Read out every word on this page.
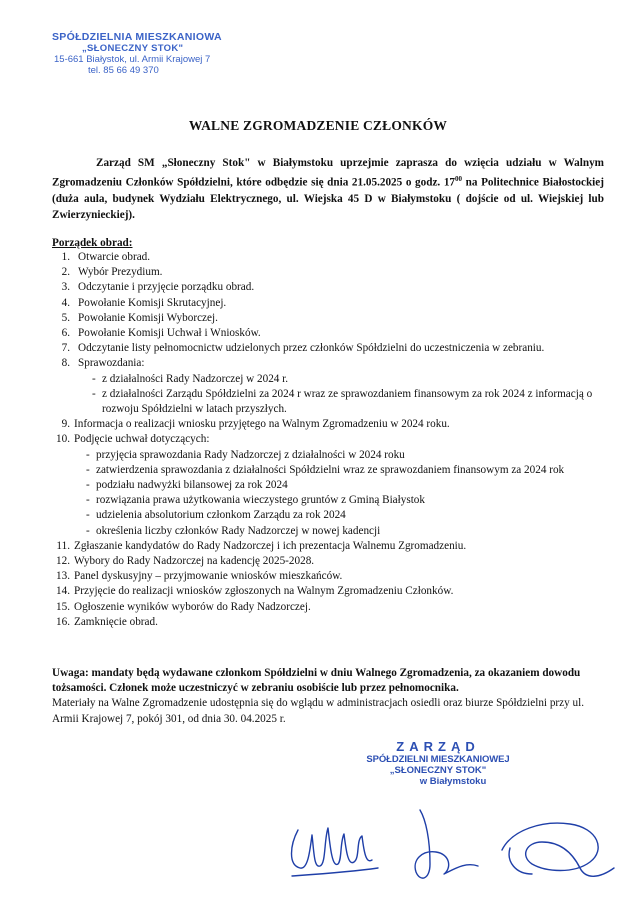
SPÓŁDZIELNIA MIESZKANIOWA
„SŁONECZNY STOK"
15-661 Białystok, ul. Armii Krajowej 7
tel. 85 66 49 370
WALNE ZGROMADZENIE CZŁONKÓW
Zarząd SM „Słoneczny Stok" w Białymstoku uprzejmie zaprasza do wzięcia udziału w Walnym Zgromadzeniu Członków Spółdzielni, które odbędzie się dnia 21.05.2025 o godz. $17^{00}$ na Politechnice Białostockiej (duża aula, budynek Wydziału Elektrycznego, ul. Wiejska 45 D w Białymstoku ( dojście od ul. Wiejskiej lub Zwierzynieckiej).
Porządek obrad:
1. Otwarcie obrad.
2. Wybór Prezydium.
3. Odczytanie i przyjęcie porządku obrad.
4. Powołanie Komisji Skrutacyjnej.
5. Powołanie Komisji Wyborczej.
6. Powołanie Komisji Uchwał i Wniosków.
7. Odczytanie listy pełnomocnictw udzielonych przez członków Spółdzielni do uczestniczenia w zebraniu.
8. Sprawozdania:
- z działalności Rady Nadzorczej w 2024 r.
- z działalności Zarządu Spółdzielni za 2024 r wraz ze sprawozdaniem finansowym za rok 2024 z informacją o rozwoju Spółdzielni w latach przyszłych.
9. Informacja o realizacji wniosku przyjętego na Walnym Zgromadzeniu w 2024 roku.
10. Podjęcie uchwał dotyczących:
- przyjęcia sprawozdania Rady Nadzorczej z działalności w 2024 roku
- zatwierdzenia sprawozdania z działalności Spółdzielni wraz ze sprawozdaniem finansowym za 2024 rok
- podziału nadwyżki bilansowej za rok 2024
- rozwiązania prawa użytkowania wieczystego gruntów z Gminą Białystok
- udzielenia absolutorium członkom Zarządu za rok 2024
- określenia liczby członków Rady Nadzorczej w nowej kadencji
11. Zgłaszanie kandydatów do Rady Nadzorczej i ich prezentacja Walnemu Zgromadzeniu.
12. Wybory do Rady Nadzorczej na kadencję 2025-2028.
13. Panel dyskusyjny – przyjmowanie wniosków mieszkańców.
14. Przyjęcie do realizacji wniosków zgłoszonych na Walnym Zgromadzeniu Członków.
15. Ogłoszenie wyników wyborów do Rady Nadzorczej.
16. Zamknięcie obrad.
Uwaga: mandaty będą wydawane członkom Spółdzielni w dniu Walnego Zgromadzenia, za okazaniem dowodu tożsamości. Członek może uczestniczyć w zebraniu osobiście lub przez pełnomocnika.
Materiały na Walne Zgromadzenie udostępnia się do wglądu w administracjach osiedli oraz biurze Spółdzielni przy ul. Armii Krajowej 7, pokój 301, od dnia 30. 04.2025 r.
ZARZĄD
SPÓŁDZIELNI MIESZKANIOWEJ
„SŁONECZNY STOK"
w Białymstoku
